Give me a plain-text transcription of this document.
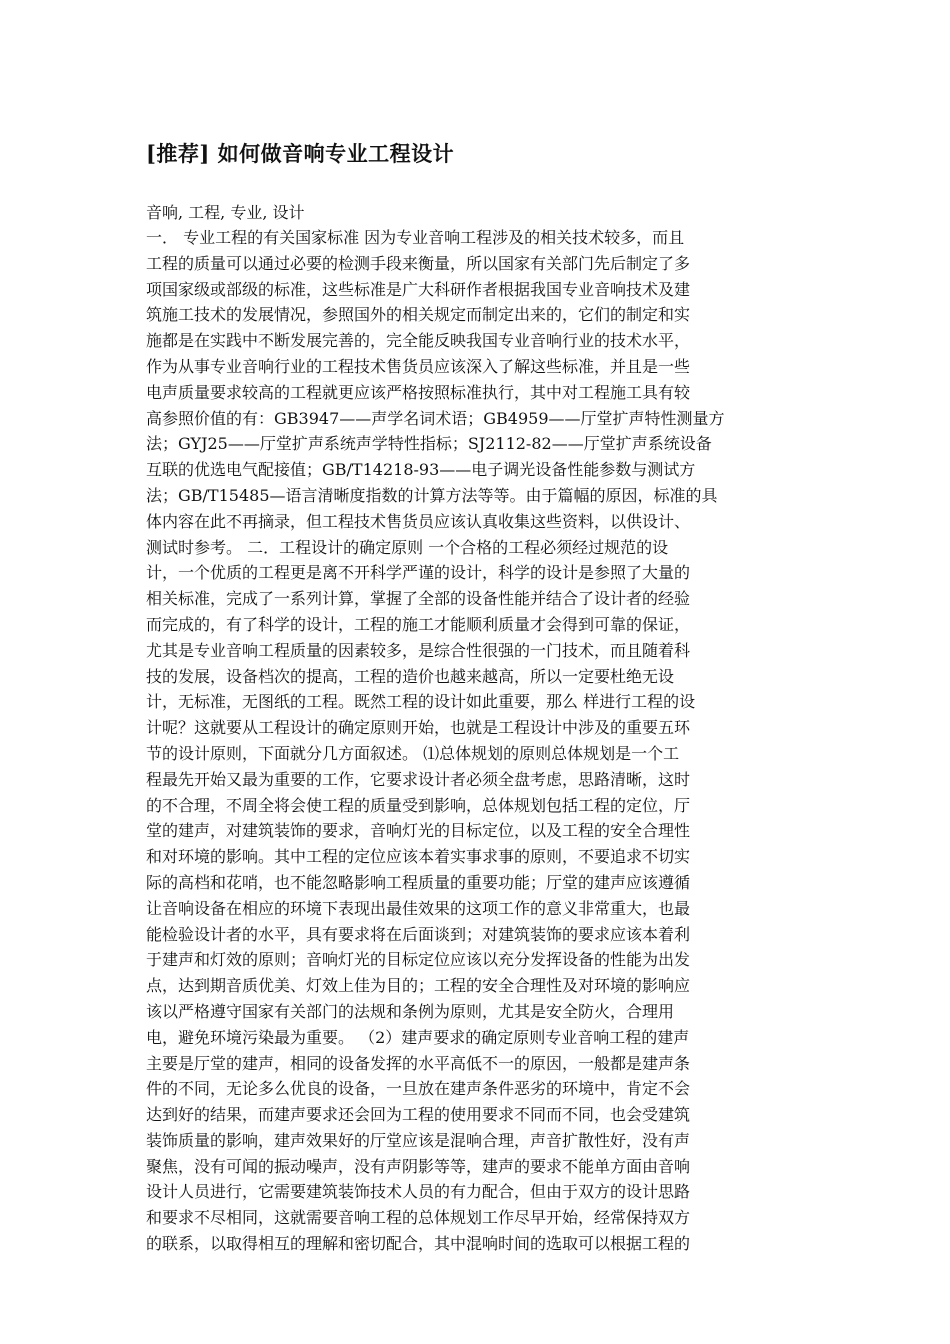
[推荐] 如何做音响专业工程设计

音响, 工程, 专业, 设计

一． 专业工程的有关国家标准 因为专业音响工程涉及的相关技术较多，而且
工程的质量可以通过必要的检测手段来衡量，所以国家有关部门先后制定了多
项国家级或部级的标准，这些标准是广大科研作者根据我国专业音响技术及建
筑施工技术的发展情况，参照国外的相关规定而制定出来的，它们的制定和实
施都是在实践中不断发展完善的，完全能反映我国专业音响行业的技术水平，
作为从事专业音响行业的工程技术售货员应该深入了解这些标准，并且是一些
电声质量要求较高的工程就更应该严格按照标准执行，其中对工程施工具有较
高参照价值的有：GB3947——声学名词术语；GB4959——厅堂扩声特性测量方
法；GYJ25——厅堂扩声系统声学特性指标；SJ2112-82——厅堂扩声系统设备
互联的优选电气配接值；GB/T14218-93——电子调光设备性能参数与测试方
法；GB/T15485—语言清晰度指数的计算方法等等。由于篇幅的原因，标准的具
体内容在此不再摘录，但工程技术售货员应该认真收集这些资料，以供设计、
测试时参考。 二．工程设计的确定原则 一个合格的工程必须经过规范的设
计，一个优质的工程更是离不开科学严谨的设计，科学的设计是参照了大量的
相关标准，完成了一系列计算，掌握了全部的设备性能并结合了设计者的经验
而完成的，有了科学的设计，工程的施工才能顺利质量才会得到可靠的保证，
尤其是专业音响工程质量的因素较多，是综合性很强的一门技术，而且随着科
技的发展，设备档次的提高，工程的造价也越来越高，所以一定要杜绝无设
计，无标准，无图纸的工程。既然工程的设计如此重要，那么 样进行工程的设
计呢？这就要从工程设计的确定原则开始，也就是工程设计中涉及的重要五环
节的设计原则，下面就分几方面叙述。 ⑴总体规划的原则总体规划是一个工
程最先开始又最为重要的工作，它要求设计者必须全盘考虑，思路清晰，这时
的不合理，不周全将会使工程的质量受到影响，总体规划包括工程的定位，厅
堂的建声，对建筑装饰的要求，音响灯光的目标定位，以及工程的安全合理性
和对环境的影响。其中工程的定位应该本着实事求事的原则，不要追求不切实
际的高档和花哨，也不能忽略影响工程质量的重要功能；厅堂的建声应该遵循
让音响设备在相应的环境下表现出最佳效果的这项工作的意义非常重大，也最
能检验设计者的水平，具有要求将在后面谈到；对建筑装饰的要求应该本着利
于建声和灯效的原则；音响灯光的目标定位应该以充分发挥设备的性能为出发
点，达到期音质优美、灯效上佳为目的；工程的安全合理性及对环境的影响应
该以严格遵守国家有关部门的法规和条例为原则，尤其是安全防火，合理用
电，避免环境污染最为重要。 （2）建声要求的确定原则专业音响工程的建声
主要是厅堂的建声，相同的设备发挥的水平高低不一的原因，一般都是建声条
件的不同，无论多么优良的设备，一旦放在建声条件恶劣的环境中，肯定不会
达到好的结果，而建声要求还会回为工程的使用要求不同而不同，也会受建筑
装饰质量的影响，建声效果好的厅堂应该是混响合理，声音扩散性好，没有声
聚焦，没有可闻的振动噪声，没有声阴影等等，建声的要求不能单方面由音响
设计人员进行，它需要建筑装饰技术人员的有力配合，但由于双方的设计思路
和要求不尽相同，这就需要音响工程的总体规划工作尽早开始，经常保持双方
的联系，以取得相互的理解和密切配合，其中混响时间的选取可以根据工程的
